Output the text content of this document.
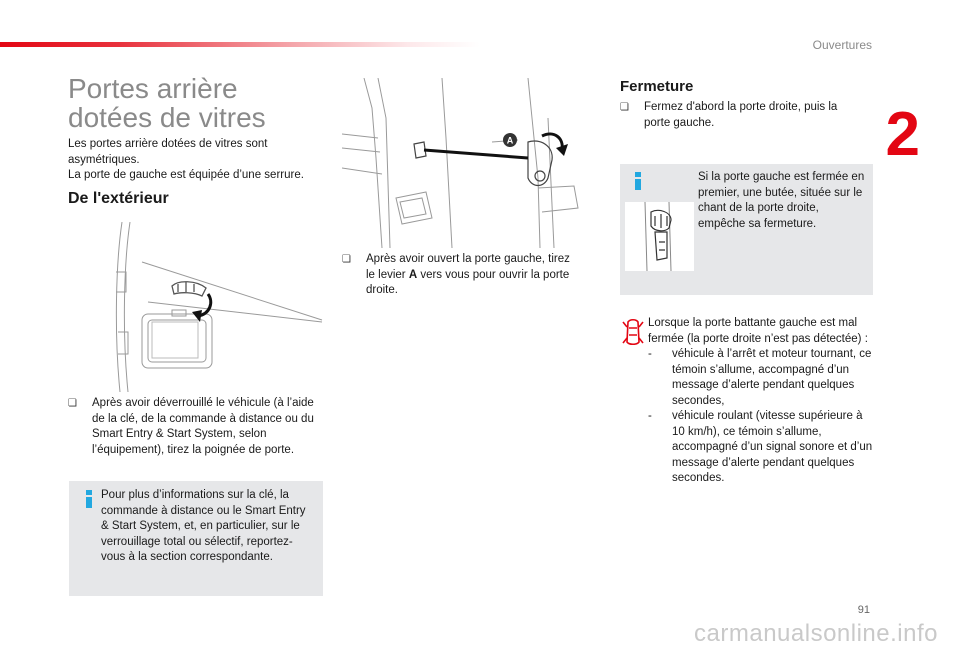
Ouvertures
2
Portes arrière
dotées de vitres

Les portes arrière dotées de vitres sont asymétriques.

La porte de gauche est équipée d’une serrure.

De l'extérieur
❏	Après avoir déverrouillé le véhicule (à l’aide de la clé, de la commande à distance ou du Smart Entry & Start System, selon l’équipement), tirez la poignée de porte.
Pour plus d’informations sur la clé, la commande à distance ou le Smart Entry & Start System, et, en particulier, sur le verrouillage total ou sélectif, reportez-vous à la section correspondante.
A
❏	Après avoir ouvert la porte gauche, tirez le levier A vers vous pour ouvrir la porte droite.
Fermeture
❏	Fermez d'abord la porte droite, puis la porte gauche.
Si la porte gauche est fermée en premier, une butée, située sur le chant de la porte droite, empêche sa fermeture.

Lorsque la porte battante gauche est mal fermée (la porte droite n’est pas détectée) :

-	véhicule à l’arrêt et moteur tournant, ce témoin s’allume, accompagné d’un message d’alerte pendant quelques secondes,
-	véhicule roulant (vitesse supérieure à 10 km/h), ce témoin s’allume, accompagné d’un signal sonore et d’un message d’alerte pendant quelques secondes.
91
carmanualsonline.info
